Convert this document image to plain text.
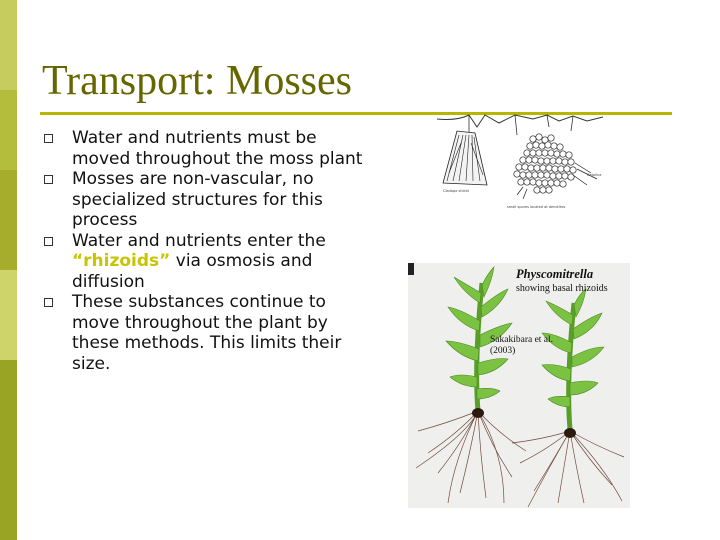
Transport: Mosses
Water and nutrients must be moved throughout the moss plant
Mosses are non-vascular, no specialized structures for this process
Water and nutrients enter the “rhizoids” via osmosis and diffusion
These substances continue to move throughout the plant by these methods. This limits their size.
Cladopa shield
Catalina
small spores located at dendrites
Physcomitrella
showing basal rhizoids
Sakakibara et al.
(2003)
